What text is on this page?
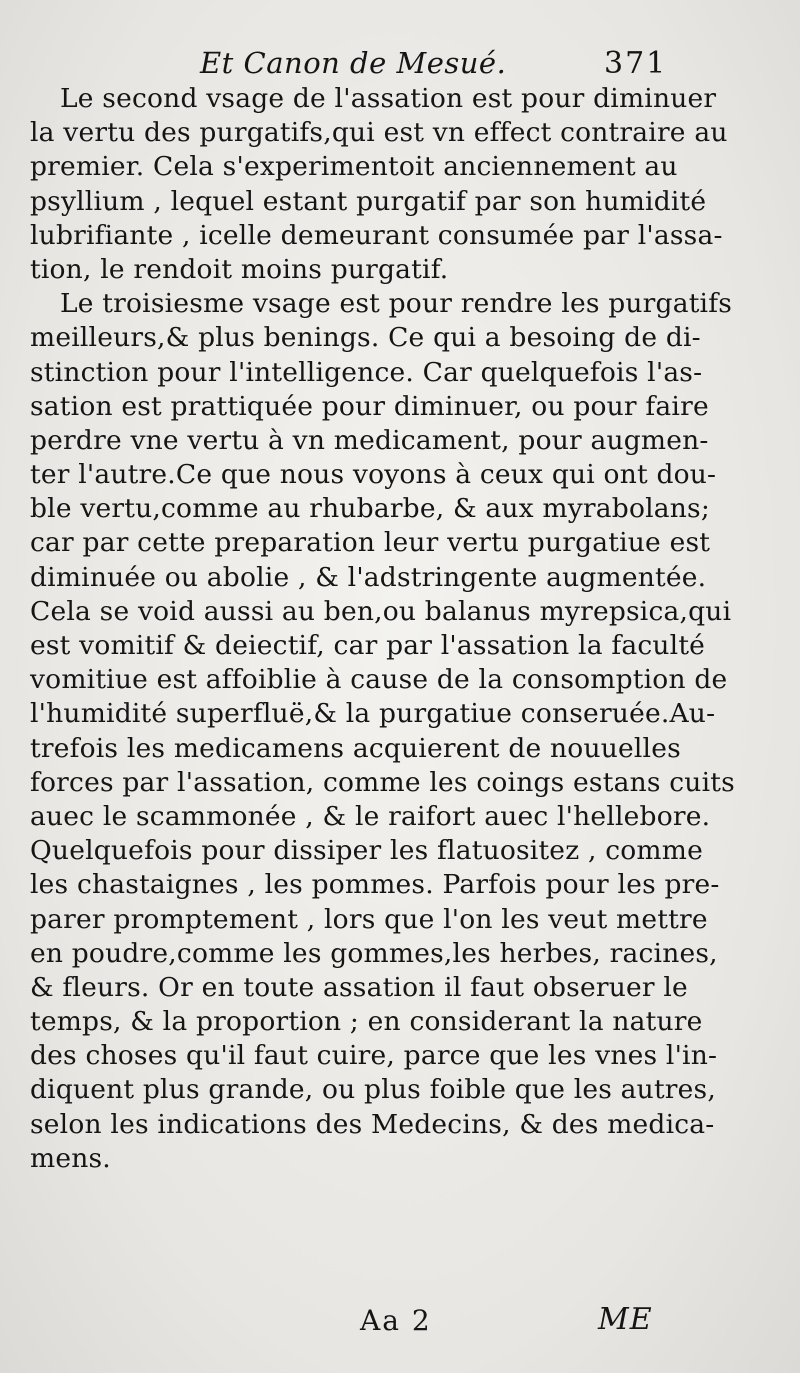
Et Canon de Mesué.	371
Le second vsage de l'assation est pour diminuer
la vertu des purgatifs,qui est vn effect contraire au
premier. Cela s'experimentoit anciennement au
psyllium , lequel estant purgatif par son humidité
lubrifiante , icelle demeurant consumée par l'assa-
tion, le rendoit moins purgatif.
Le troisiesme vsage est pour rendre les purgatifs
meilleurs,& plus benings. Ce qui a besoing de di-
stinction pour l'intelligence. Car quelquefois l'as-
sation est prattiquée pour diminuer, ou pour faire
perdre vne vertu à vn medicament, pour augmen-
ter l'autre.Ce que nous voyons à ceux qui ont dou-
ble vertu,comme au rhubarbe, & aux myrabolans;
car par cette preparation leur vertu purgatiue est
diminuée ou abolie , & l'adstringente augmentée.
Cela se void aussi au ben,ou balanus myrepsica,qui
est vomitif & deiectif, car par l'assation la faculté
vomitiue est affoiblie à cause de la consomption de
l'humidité superfluë,& la purgatiue conseruée.Au-
trefois les medicamens acquierent de nouuelles
forces par l'assation, comme les coings estans cuits
auec le scammonée , & le raifort auec l'hellebore.
Quelquefois pour dissiper les flatuositez , comme
les chastaignes , les pommes. Parfois pour les pre-
parer promptement , lors que l'on les veut mettre
en poudre,comme les gommes,les herbes, racines,
& fleurs. Or en toute assation il faut obseruer le
temps, & la proportion ; en considerant la nature
des choses qu'il faut cuire, parce que les vnes l'in-
diquent plus grande, ou plus foible que les autres,
selon les indications des Medecins, & des medica-
mens.
Aa 2	ME
